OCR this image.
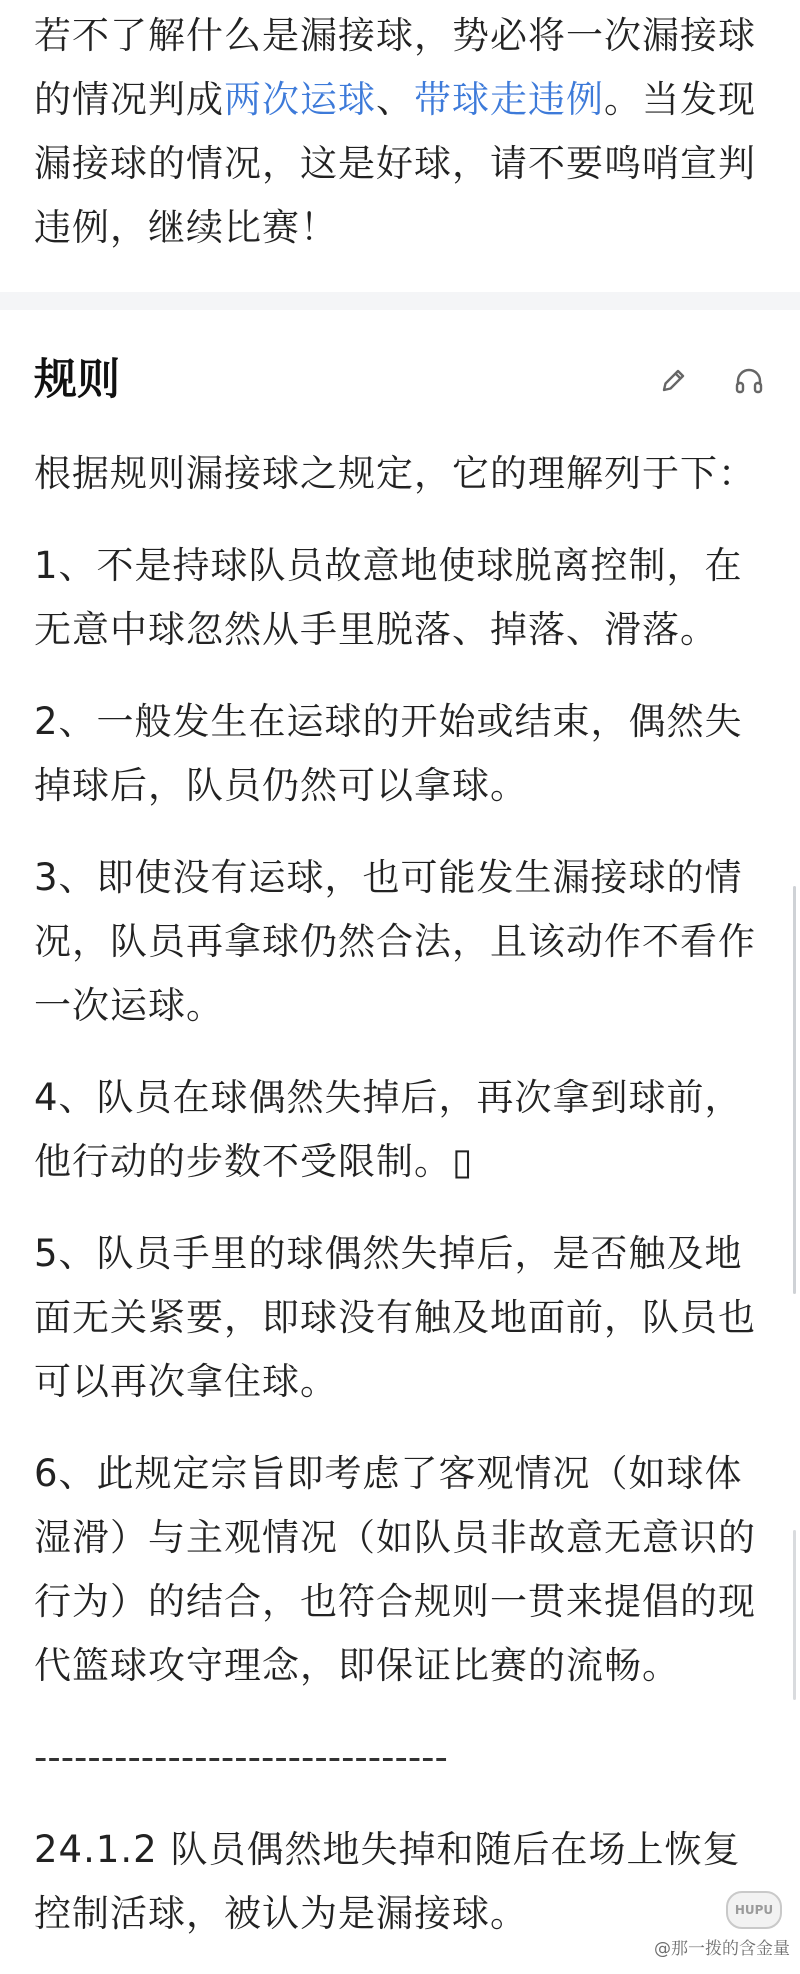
若不了解什么是漏接球，势必将一次漏接球的情况判成两次运球、带球走违例。当发现漏接球的情况，这是好球，请不要鸣哨宣判违例，继续比赛！

规则

根据规则漏接球之规定，它的理解列于下：

1、不是持球队员故意地使球脱离控制，在无意中球忽然从手里脱落、掉落、滑落。

2、一般发生在运球的开始或结束，偶然失掉球后，队员仍然可以拿球。

3、即使没有运球，也可能发生漏接球的情况，队员再拿球仍然合法，且该动作不看作一次运球。

4、队员在球偶然失掉后，再次拿到球前，他行动的步数不受限制。▯

5、队员手里的球偶然失掉后，是否触及地面无关紧要，即球没有触及地面前，队员也可以再次拿住球。

6、此规定宗旨即考虑了客观情况（如球体湿滑）与主观情况（如队员非故意无意识的行为）的结合，也符合规则一贯来提倡的现代篮球攻守理念，即保证比赛的流畅。

-------------------------------

24.1.2 队员偶然地失掉和随后在场上恢复控制活球，被认为是漏接球。	HUPU
@那一拨的含金量
